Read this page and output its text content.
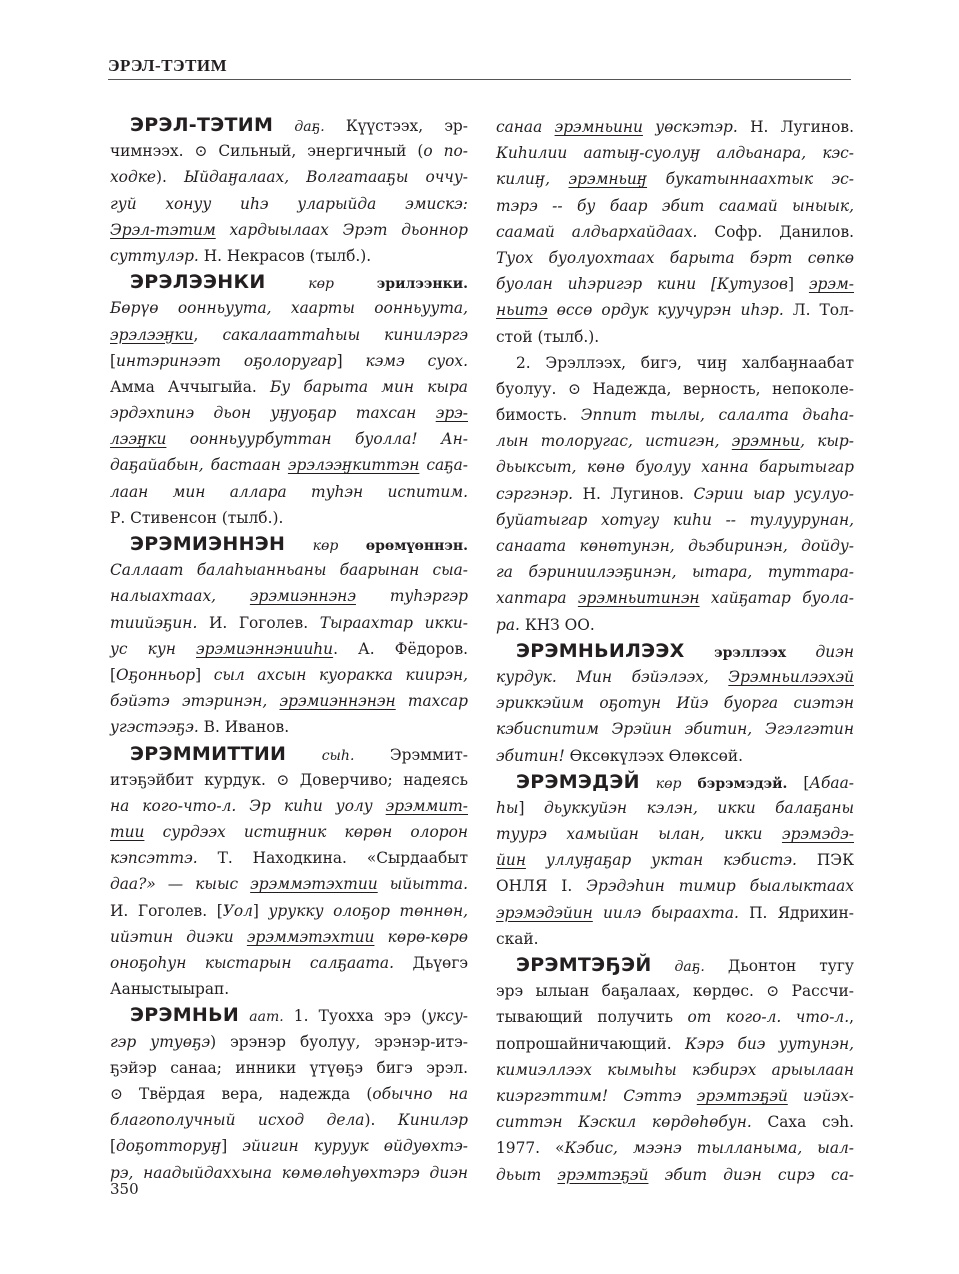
ЭРЭЛ-ТЭТИМ
ЭРЭЛ-ТЭТИМ даҕ. Күүстээх, эр-
чимнээх. ⊙ Сильный, энергичный (о по-
ходке). Ыйдаӈалаах, Волгатааҕы оччу-
гуй хонуу иhэ уларыйда эмискэ:
Эрэл-тэтим хардыылаах Эрэт дьоннор
суттулэр. Н. Некрасов (тылб.).
ЭРЭЛЭЭНКИ	көр	эрилээнки.
Бөрүө оонньуута, хаарты оонньуута,
эрэлээӈки, сакалааттаhыы кинилэргэ
[интэринээт оҕолоругар] кэмэ суох.
Амма Аччыгыйа. Бу барыта мин кыра
эрдэхпинэ дьон уӈуоҕар тахсан эрэ-
лээӈки оонньуурбуттан буолла! Ан-
даҕайабын, бастаан эрэлээӈкиттэн саҕа-
лаан мин аллара туhэн испитим.
Р. Стивенсон (тылб.).
ЭРЭМИЭННЭН көр өрөмүөннэн.
Саллаат балаhыанньаны баарынан сыа-
налыахтаах, эрэмиэннэнэ туhэргэр
тиийэҕин. И. Гоголев. Тыраахтар икки-
ус кун эрэмиэннэнииhи. А. Фёдоров.
[Оҕонньор] сыл ахсын куоракка киирэн,
бэйэтэ этэринэн, эрэмиэннэнэн тахсар
угэстээҕэ. В. Иванов.
ЭРЭММИТТИИ	сыh. Эрэммит-
итэҕэйбит курдук. ⊙ Доверчиво; надеясь
на кого-что-л. Эр киhи уолу эрэммит-
тии сурдээх истиӈник көрөн олорон
кэпсэттэ. Т. Находкина. «Сырдаабыт
даа?» — кыыс эрэммэтэхтии ыйытта.
И. Гоголев. [Уол] урукку олоҕор төннөн,
ийэтин диэки эрэммэтэхтии көрө-көрө
оноҕоhун кыстарын салҕаата. Дьүөгэ
Ааныстыырап.
ЭРЭМНЬИ аат. 1. Туохха эрэ (уксу-
гэр утуөҕэ) эрэнэр буолуу, эрэнэр-итэ-
ҕэйэр санаа; инники үтүөҕэ бигэ эрэл.
⊙ Твёрдая вера, надежда (обычно на
благополучный исход дела). Кинилэр
[доҕотторуӈ] эйигин куруук өйдуөхтэ-
рэ, наадыйдаххына көмөлөhуөхтэрэ диэн
санаа эрэмньини уөскэтэр. Н. Лугинов.
Киhилии аатыӈ-суолуӈ алдьанара, кэс-
килиӈ, эрэмньиӈ букатыннаахтык эс-
тэрэ -- бу баар эбит саамай ыныык,
саамай алдьархайдаах. Софр. Данилов.
Туох буолуохтаах барыта бэрт сөпкө
буолан иhэригэр кини [Кутузов] эрэм-
ньитэ өссө ордук куучурэн иhэр. Л. Тол-
стой (тылб.).
2. Эрэллээх, бигэ, чиӈ халбаӈнаабат
буолуу. ⊙ Надежда, верность, непоколе-
бимость. Эппит тылы, салалта дьаhа-
лын толоругас, истигэн, эрэмньи, кыр-
дьыксыт, көнө буолуу ханна барытыгар
сэргэнэр. Н. Лугинов. Сэрии ыар усулуо-
буйатыгар хотугу киhи -- тулуурунан,
санаата көнөтунэн, дьэбиринэн, дойду-
га бэриниилээҕинэн, ытара, туттара-
хаптара эрэмньитинэн хайҕатар буола-
ра. КНЗ ОО.
ЭРЭМНЬИЛЭЭХ эрэллээх диэн
курдук. Мин бэйэлээх, Эрэмньилээхэй
эриккэйим оҕотун Ийэ буорга сиэтэн
кэбиспитим Эрэйин эбитин, Эгэлгэтин
эбитин! Өксөкүлээх Өлөксөй.
ЭРЭМЭДЭЙ көр бэрэмэдэй. [Абаа-
hы] дьуккуйэн кэлэн, икки балаҕаны
туурэ хамыйан ылан, икки эрэмэдэ-
йин уллуӈаҕар уктан кэбистэ. ПЭК
ОНЛЯ I. Эрэдэhин тимир быалыктаах
эрэмэдэйин иилэ быраахта. П. Ядрихин-
скай.
ЭРЭМТЭҔЭЙ даҕ. Дьонтон тугу
эрэ ылыан баҕалаах, көрдөс. ⊙ Рассчи-
тывающий получить от кого-л. что-л.,
попрошайничающий. Кэрэ биэ уутунэн,
кимиэллээх кымыhы кэбирэх арыылаан
киэргэттим! Сэттэ эрэмтэҕэй иэйэх-
ситтэн Кэскил көрдөhөбун. Саха сэh.
1977. «Кэбис, мээнэ тылланыма, ыал-
дьыт эрэмтэҕэй эбит диэн сирэ са-
350
